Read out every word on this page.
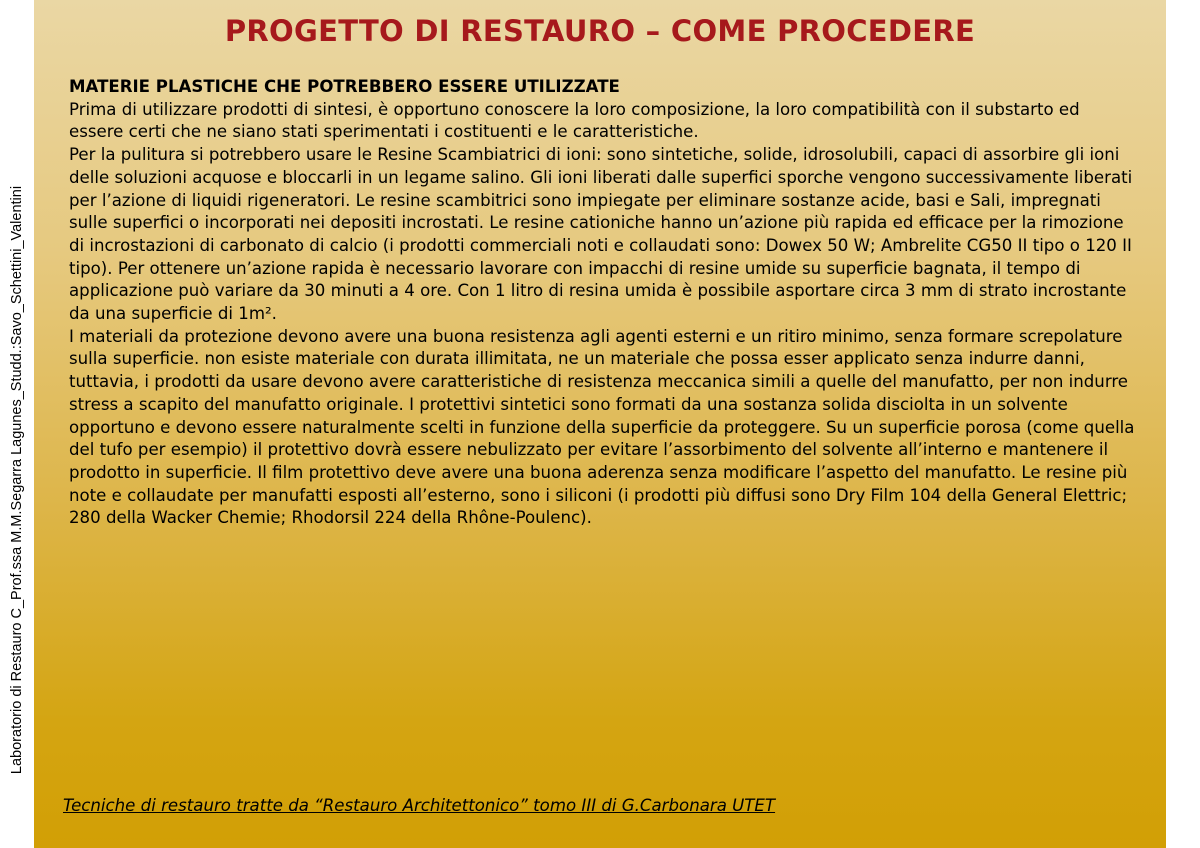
Laboratorio di Restauro C_Prof.ssa M.M.Segarra Lagunes_Studd.:Savo_Schettini_Valentini
PROGETTO DI RESTAURO – COME PROCEDERE

MATERIE PLASTICHE CHE POTREBBERO ESSERE UTILIZZATE

Prima di utilizzare prodotti di sintesi, è opportuno conoscere la loro composizione, la loro compatibilità con il substarto ed essere certi che ne siano stati sperimentati i costituenti e le caratteristiche.

Per la pulitura si potrebbero usare le Resine Scambiatrici di ioni: sono sintetiche, solide, idrosolubili, capaci di assorbire gli ioni delle soluzioni acquose e bloccarli in un legame salino. Gli ioni liberati dalle superfici sporche vengono successivamente liberati per l’azione di liquidi rigeneratori. Le resine scambitrici sono impiegate per eliminare sostanze acide, basi e Sali, impregnati sulle superfici o incorporati nei depositi incrostati. Le resine cationiche hanno un’azione più rapida ed efficace per la rimozione di incrostazioni di carbonato di calcio (i prodotti commerciali noti e collaudati sono: Dowex 50 W; Ambrelite CG50 II tipo o 120 II tipo). Per ottenere un’azione rapida è necessario lavorare con impacchi di resine umide su superficie bagnata, il tempo di applicazione può variare da 30 minuti a 4 ore. Con 1 litro di resina umida è possibile asportare circa 3 mm di strato incrostante da una superficie di 1m².

I materiali da protezione devono avere una buona resistenza agli agenti esterni e un ritiro minimo, senza formare screpolature sulla superficie. non esiste materiale con durata illimitata, ne un materiale che possa esser applicato senza indurre danni, tuttavia, i prodotti da usare devono avere caratteristiche di resistenza meccanica simili a quelle del manufatto, per non indurre stress a scapito del manufatto originale. I protettivi sintetici sono formati da una sostanza solida disciolta in un solvente opportuno e devono essere naturalmente scelti in funzione della superficie da proteggere. Su un superficie porosa (come quella del tufo per esempio) il protettivo dovrà essere nebulizzato per evitare l’assorbimento del solvente all’interno e mantenere il prodotto in superficie. Il film protettivo deve avere una buona aderenza senza modificare l’aspetto del manufatto. Le resine più note e collaudate per manufatti esposti all’esterno, sono i siliconi (i prodotti più diffusi sono Dry Film 104 della General Elettric; 280 della Wacker Chemie; Rhodorsil 224 della Rhône-Poulenc).

Tecniche di restauro tratte da “Restauro Architettonico” tomo III di G.Carbonara UTET
